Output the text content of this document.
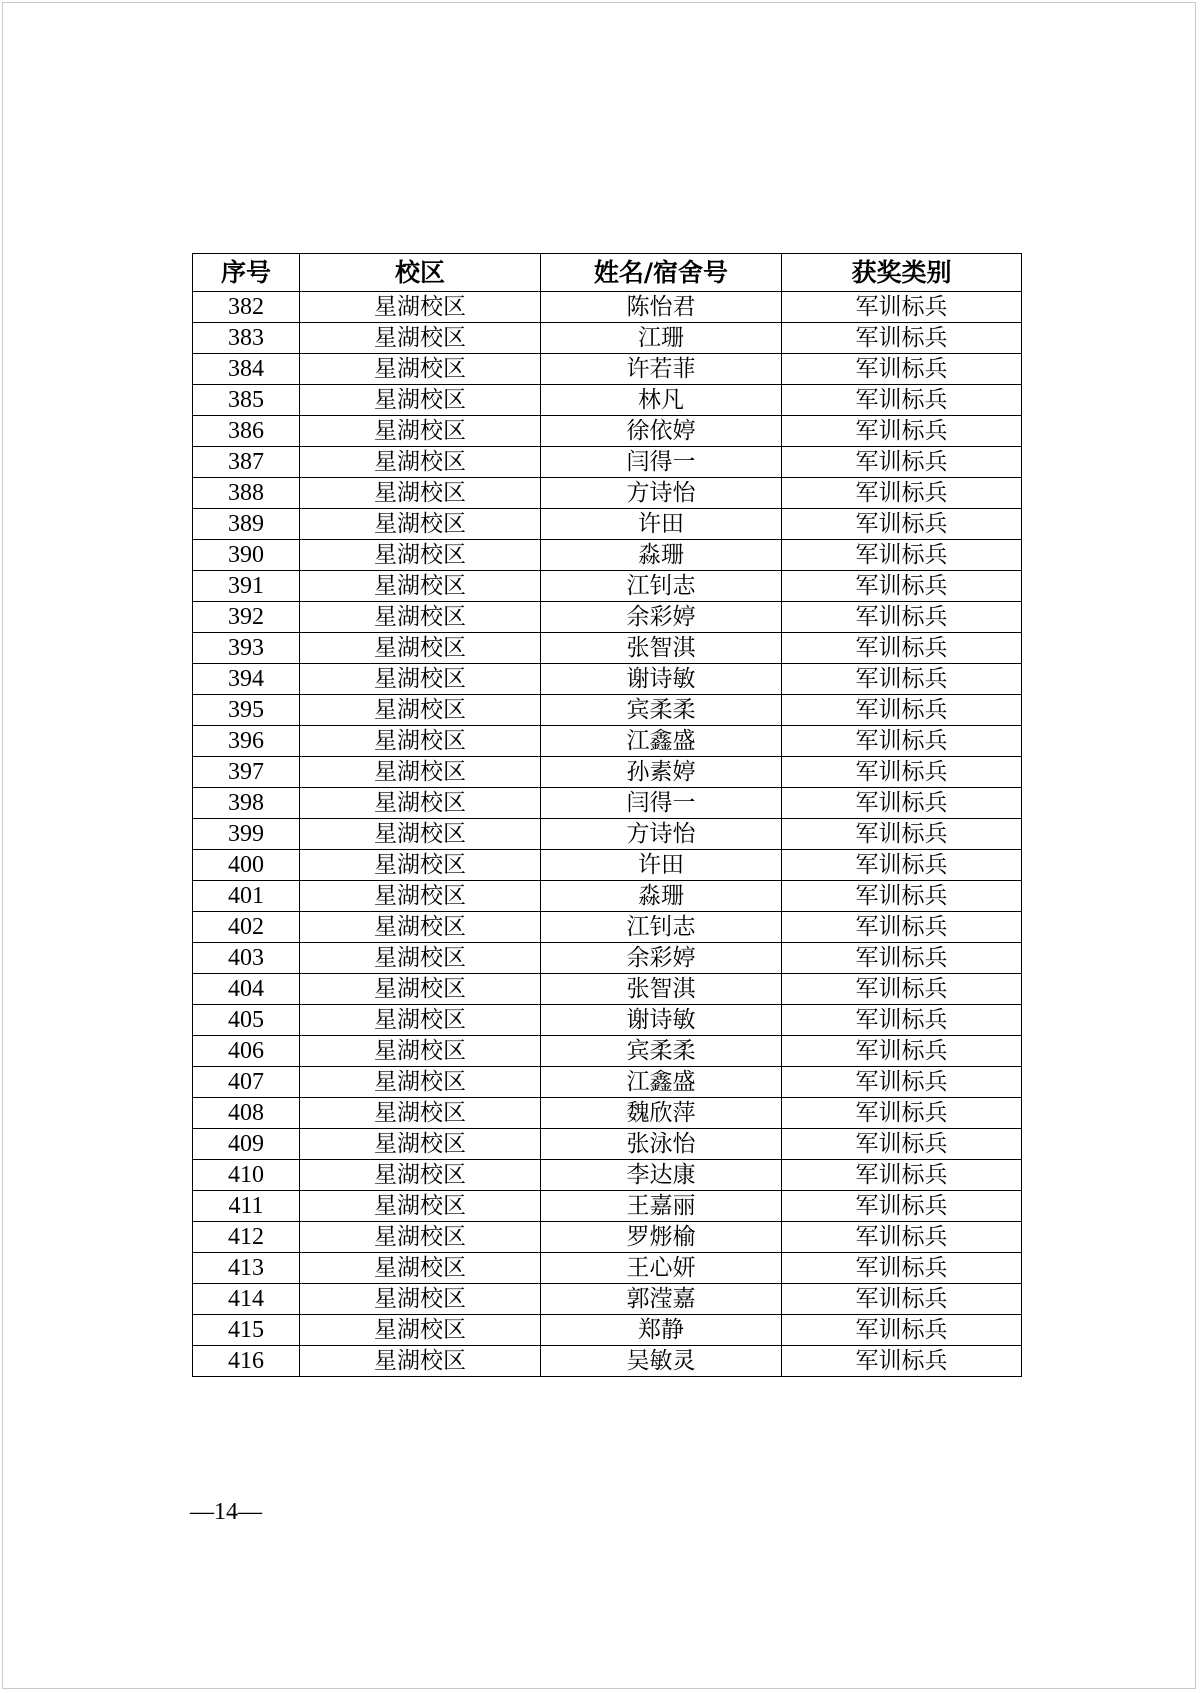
序号	校区	姓名/宿舍号	获奖类别
382	星湖校区	陈怡君	军训标兵
383	星湖校区	江珊	军训标兵
384	星湖校区	许若菲	军训标兵
385	星湖校区	林凡	军训标兵
386	星湖校区	徐依婷	军训标兵
387	星湖校区	闫得一	军训标兵
388	星湖校区	方诗怡	军训标兵
389	星湖校区	许田	军训标兵
390	星湖校区	淼珊	军训标兵
391	星湖校区	江钊志	军训标兵
392	星湖校区	余彩婷	军训标兵
393	星湖校区	张智淇	军训标兵
394	星湖校区	谢诗敏	军训标兵
395	星湖校区	宾柔柔	军训标兵
396	星湖校区	江鑫盛	军训标兵
397	星湖校区	孙素婷	军训标兵
398	星湖校区	闫得一	军训标兵
399	星湖校区	方诗怡	军训标兵
400	星湖校区	许田	军训标兵
401	星湖校区	淼珊	军训标兵
402	星湖校区	江钊志	军训标兵
403	星湖校区	余彩婷	军训标兵
404	星湖校区	张智淇	军训标兵
405	星湖校区	谢诗敏	军训标兵
406	星湖校区	宾柔柔	军训标兵
407	星湖校区	江鑫盛	军训标兵
408	星湖校区	魏欣萍	军训标兵
409	星湖校区	张泳怡	军训标兵
410	星湖校区	李达康	军训标兵
411	星湖校区	王嘉丽	军训标兵
412	星湖校区	罗烿榆	军训标兵
413	星湖校区	王心妍	军训标兵
414	星湖校区	郭滢嘉	军训标兵
415	星湖校区	郑静	军训标兵
416	星湖校区	吴敏灵	军训标兵
—14—
